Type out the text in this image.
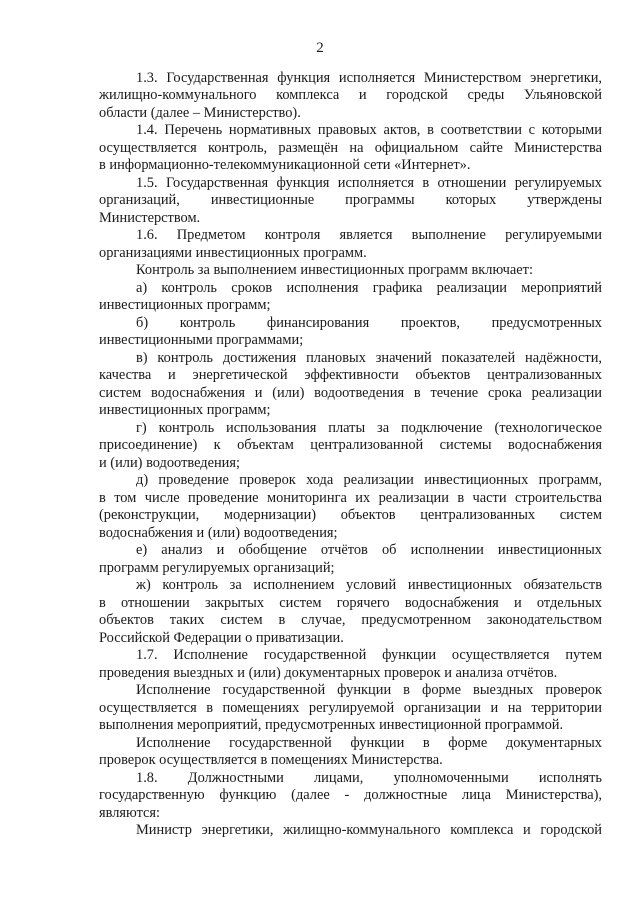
2
1.3. Государственная функция исполняется Министерством энергетики,
жилищно-коммунального комплекса и городской среды Ульяновской
области (далее – Министерство).
1.4. Перечень нормативных правовых актов, в соответствии с которыми
осуществляется контроль, размещён на официальном сайте Министерства
в информационно-телекоммуникационной сети «Интернет».
1.5. Государственная функция исполняется в отношении регулируемых
организаций, инвестиционные программы которых утверждены
Министерством.
1.6. Предметом контроля является выполнение регулируемыми
организациями инвестиционных программ.
Контроль за выполнением инвестиционных программ включает:
а) контроль сроков исполнения графика реализации мероприятий
инвестиционных программ;
б) контроль финансирования проектов, предусмотренных
инвестиционными программами;
в) контроль достижения плановых значений показателей надёжности,
качества и энергетической эффективности объектов централизованных
систем водоснабжения и (или) водоотведения в течение срока реализации
инвестиционных программ;
г) контроль использования платы за подключение (технологическое
присоединение) к объектам централизованной системы водоснабжения
и (или) водоотведения;
д) проведение проверок хода реализации инвестиционных программ,
в том числе проведение мониторинга их реализации в части строительства
(реконструкции, модернизации) объектов централизованных систем
водоснабжения и (или) водоотведения;
е) анализ и обобщение отчётов об исполнении инвестиционных
программ регулируемых организаций;
ж) контроль за исполнением условий инвестиционных обязательств
в отношении закрытых систем горячего водоснабжения и отдельных
объектов таких систем в случае, предусмотренном законодательством
Российской Федерации о приватизации.
1.7. Исполнение государственной функции осуществляется путем
проведения выездных и (или) документарных проверок и анализа отчётов.
Исполнение государственной функции в форме выездных проверок
осуществляется в помещениях регулируемой организации и на территории
выполнения мероприятий, предусмотренных инвестиционной программой.
Исполнение государственной функции в форме документарных
проверок осуществляется в помещениях Министерства.
1.8. Должностными лицами, уполномоченными исполнять
государственную функцию (далее - должностные лица Министерства),
являются:
Министр энергетики, жилищно-коммунального комплекса и городской
